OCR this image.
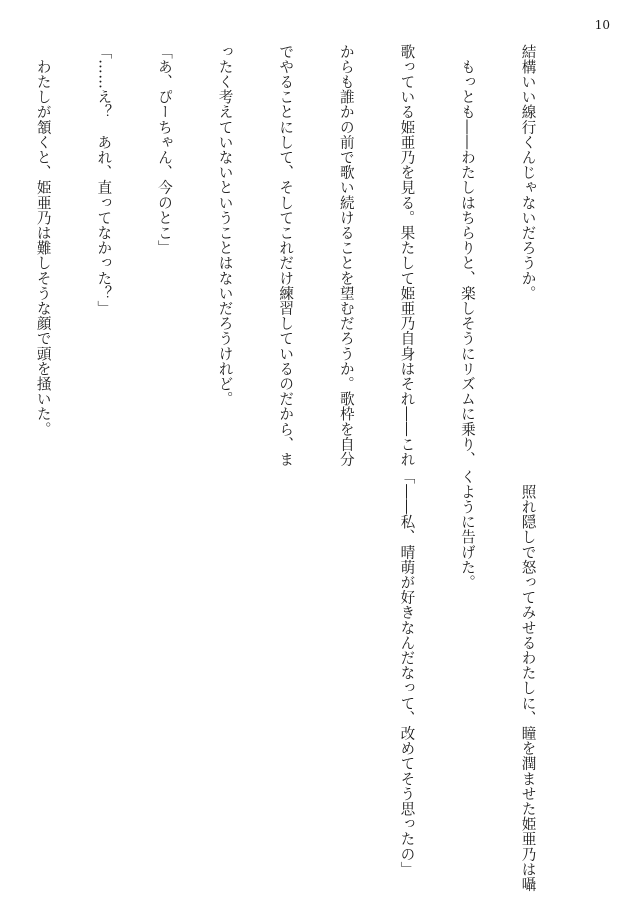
10

結構いい線行くんじゃないだろうか。

　もっとも――わたしはちらりと、楽しそうにリズムに乗り、

歌っている姫亜乃を見る。果たして姫亜乃自身はそれ――これ

からも誰かの前で歌い続けることを望むだろうか。歌枠を自分

でやることにして、そしてこれだけ練習しているのだから、ま

ったく考えていないということはないだろうけれど。

「あ、ぴーちゃん、今のとこ」

「……え？　あれ、直ってなかった？」

　わたしが頷くと、姫亜乃は難しそうな顔で頭を掻いた。

　照れ隠しで怒ってみせるわたしに、瞳を潤ませた姫亜乃は囁

くように告げた。

「――私、晴萌が好きなんだなって、改めてそう思ったの」
